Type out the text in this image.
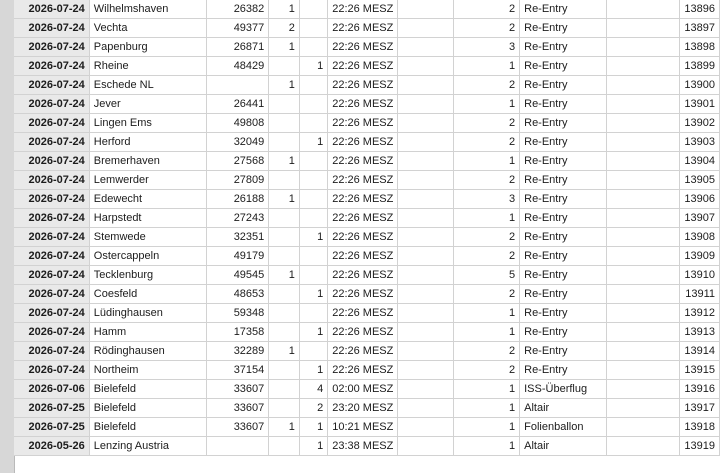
2026-07-24	Wilhelmshaven	26382	1		22:26 MESZ		2	Re-Entry		13896
2026-07-24	Vechta	49377	2		22:26 MESZ		2	Re-Entry		13897
2026-07-24	Papenburg	26871	1		22:26 MESZ		3	Re-Entry		13898
2026-07-24	Rheine	48429		1	22:26 MESZ		1	Re-Entry		13899
2026-07-24	Eschede NL		1		22:26 MESZ		2	Re-Entry		13900
2026-07-24	Jever	26441			22:26 MESZ		1	Re-Entry		13901
2026-07-24	Lingen Ems	49808			22:26 MESZ		2	Re-Entry		13902
2026-07-24	Herford	32049		1	22:26 MESZ		2	Re-Entry		13903
2026-07-24	Bremerhaven	27568	1		22:26 MESZ		1	Re-Entry		13904
2026-07-24	Lemwerder	27809			22:26 MESZ		2	Re-Entry		13905
2026-07-24	Edewecht	26188	1		22:26 MESZ		3	Re-Entry		13906
2026-07-24	Harpstedt	27243			22:26 MESZ		1	Re-Entry		13907
2026-07-24	Stemwede	32351		1	22:26 MESZ		2	Re-Entry		13908
2026-07-24	Ostercappeln	49179			22:26 MESZ		2	Re-Entry		13909
2026-07-24	Tecklenburg	49545	1		22:26 MESZ		5	Re-Entry		13910
2026-07-24	Coesfeld	48653		1	22:26 MESZ		2	Re-Entry		13911
2026-07-24	Lüdinghausen	59348			22:26 MESZ		1	Re-Entry		13912
2026-07-24	Hamm	17358		1	22:26 MESZ		1	Re-Entry		13913
2026-07-24	Rödinghausen	32289	1		22:26 MESZ		2	Re-Entry		13914
2026-07-24	Northeim	37154		1	22:26 MESZ		2	Re-Entry		13915
2026-07-06	Bielefeld	33607		4	02:00 MESZ		1	ISS-Überflug		13916
2026-07-25	Bielefeld	33607		2	23:20 MESZ		1	Altair		13917
2026-07-25	Bielefeld	33607	1	1	10:21 MESZ		1	Folienballon		13918
2026-05-26	Lenzing Austria			1	23:38 MESZ		1	Altair		13919
